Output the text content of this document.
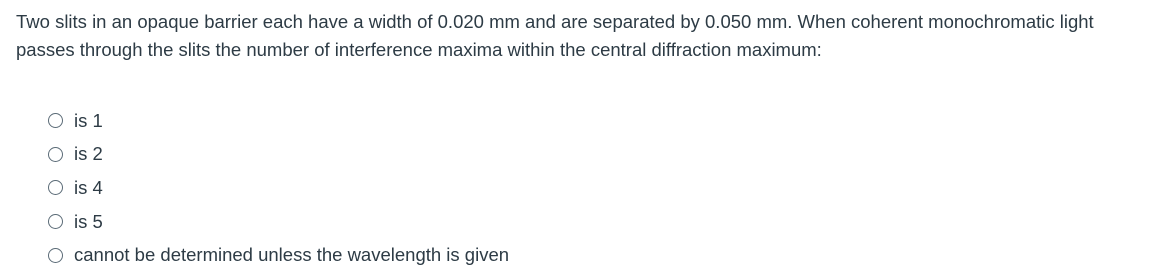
Two slits in an opaque barrier each have a width of 0.020 mm and are separated by 0.050 mm. When coherent monochromatic light passes through the slits the number of interference maxima within the central diffraction maximum:

is 1
is 2
is 4
is 5
cannot be determined unless the wavelength is given
